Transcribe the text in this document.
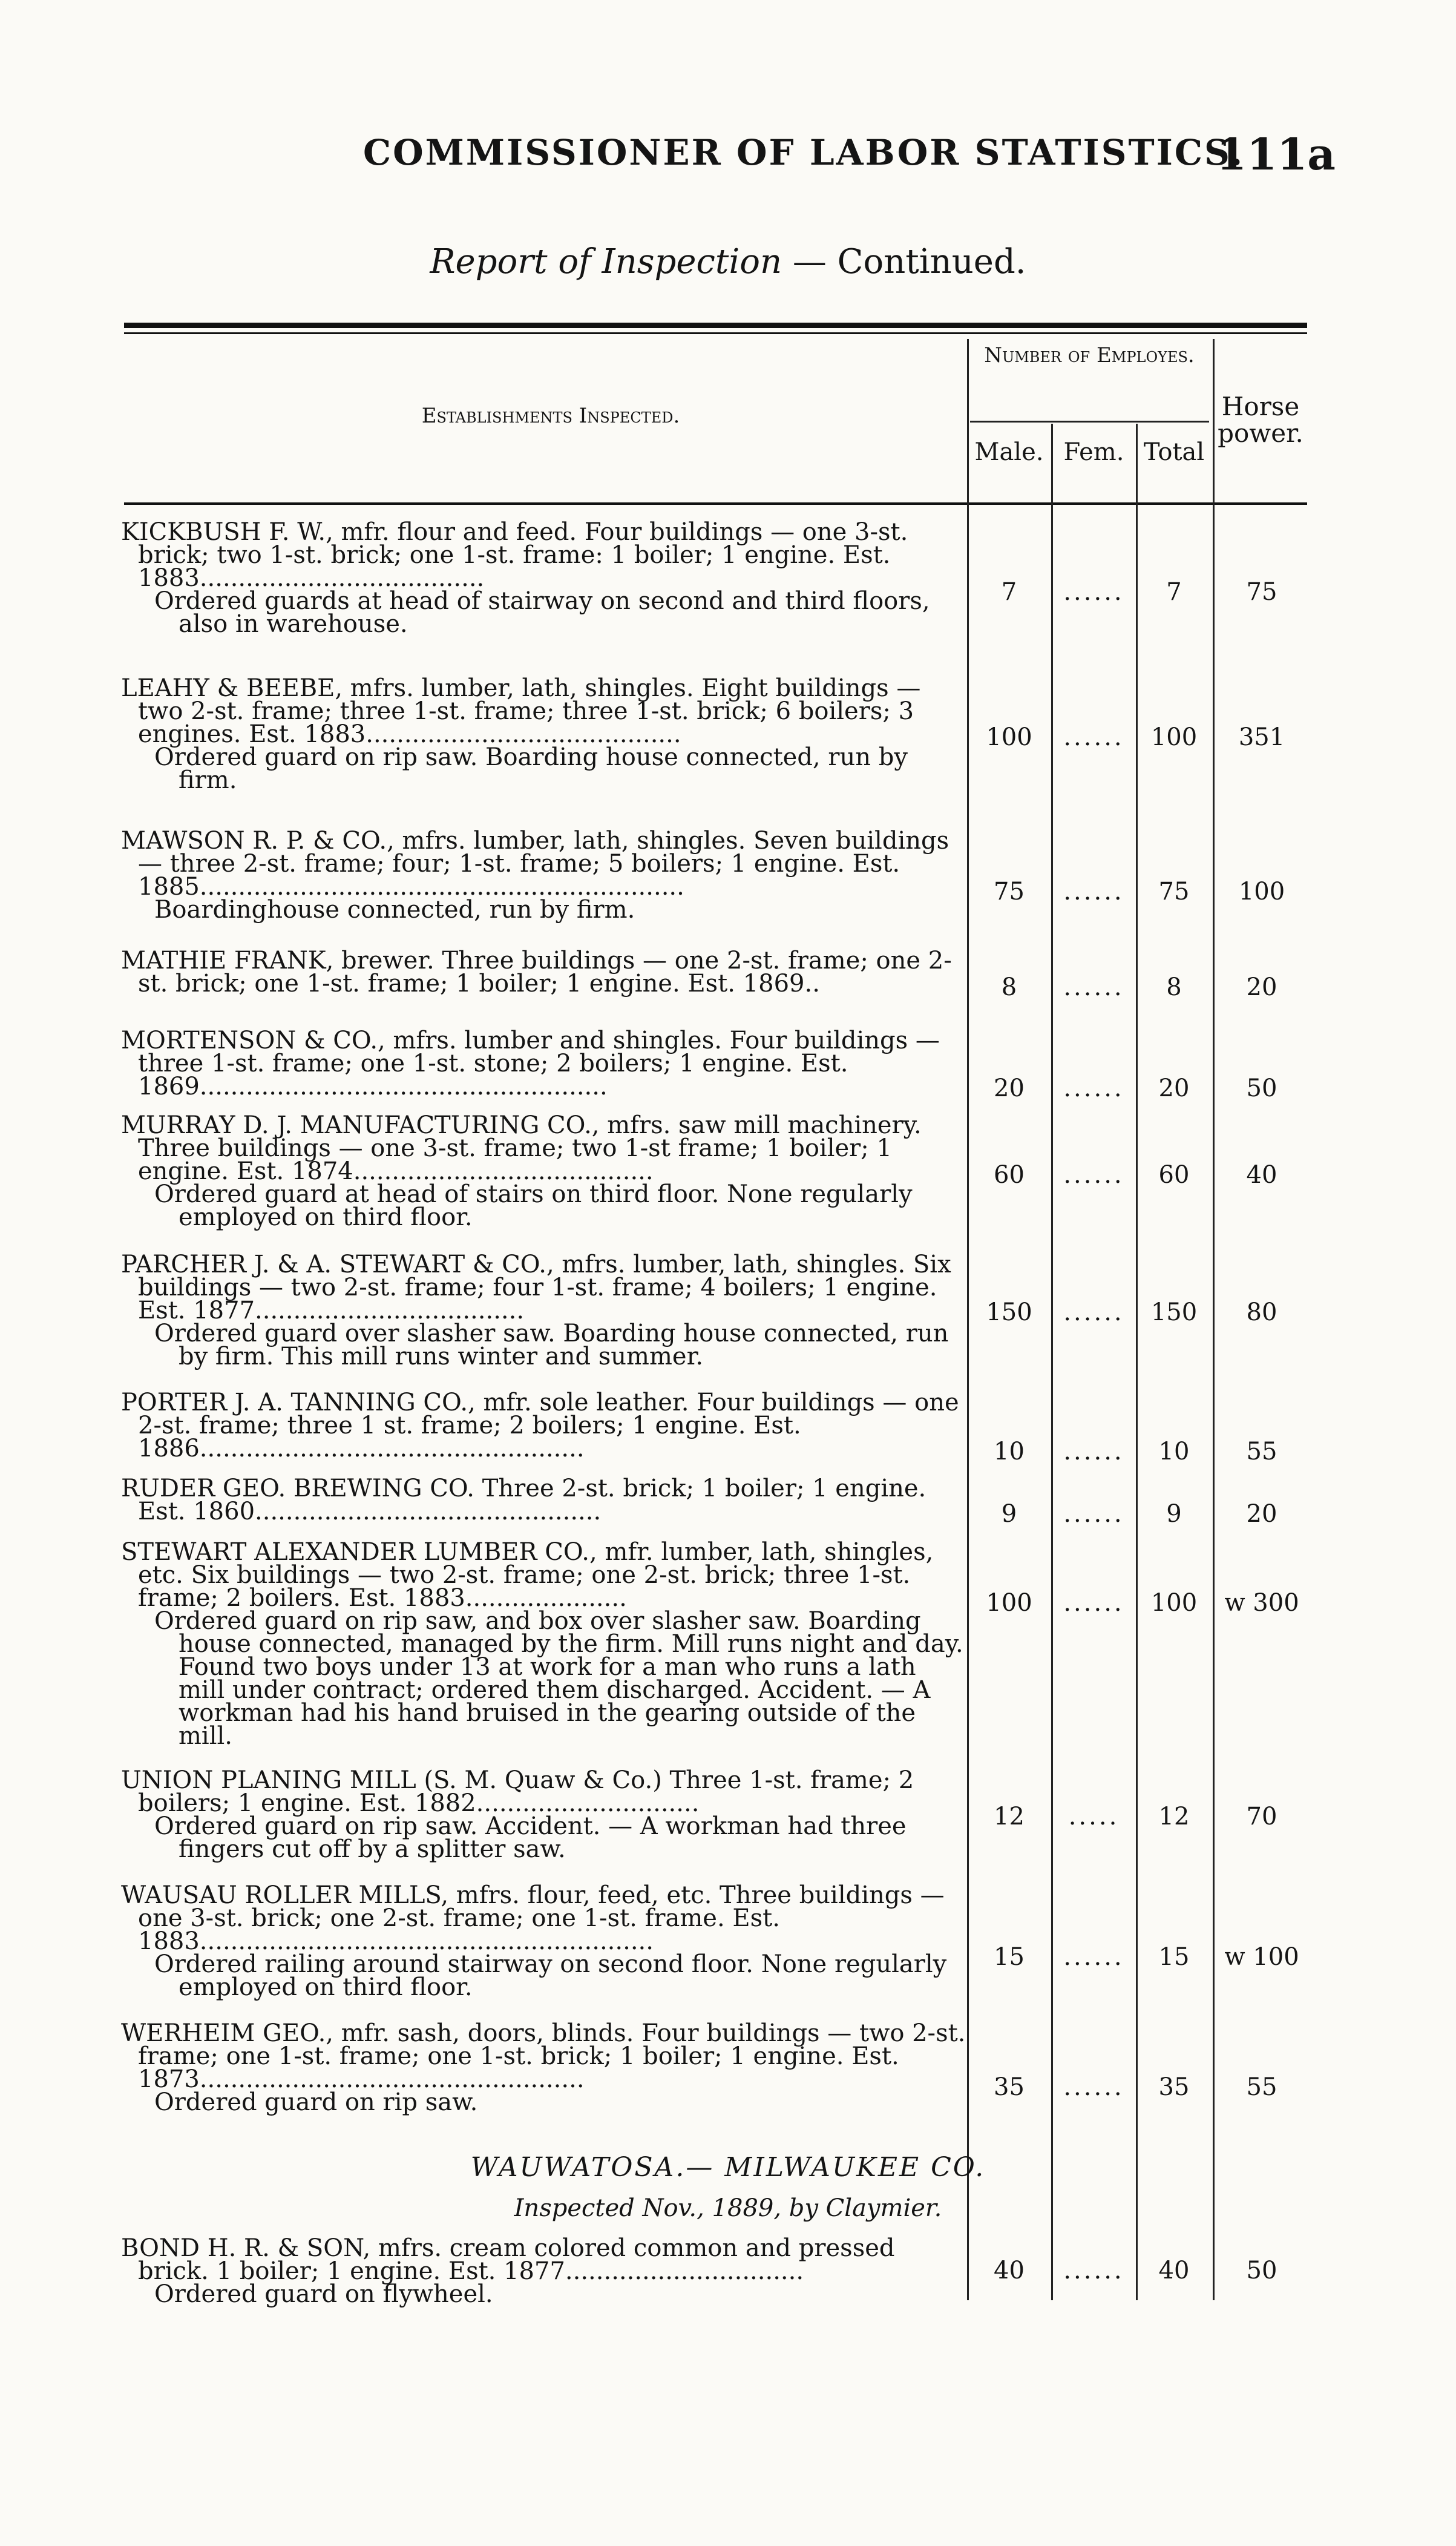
COMMISSIONER OF LABOR STATISTICS.
111a
Report of Inspection — Continued.
Establishments Inspected.
Number of Employes.
Male. Fem. Total
Horse power.

KICKBUSH F. W., mfr. flour and feed. Four buildings — one 3-st. brick; two 1-st. brick; one 1-st. frame: 1 boiler; 1 engine. Est. 1883.....................................

Ordered guards at head of stairway on second and third floors, also in warehouse.

7	......	7	75

LEAHY & BEEBE, mfrs. lumber, lath, shingles. Eight buildings — two 2-st. frame; three 1-st. frame; three 1-st. brick; 6 boilers; 3 engines. Est. 1883.........................................

Ordered guard on rip saw. Boarding house connected, run by firm.

100	......	100	351

MAWSON R. P. & CO., mfrs. lumber, lath, shingles. Seven buildings — three 2-st. frame; four; 1-st. frame; 5 boilers; 1 engine. Est. 1885...............................................................

Boardinghouse connected, run by firm.

75	......	75	100

MATHIE FRANK, brewer. Three buildings — one 2-st. frame; one 2-st. brick; one 1-st. frame; 1 boiler; 1 engine. Est. 1869..	8	......	8	20

MORTENSON & CO., mfrs. lumber and shingles. Four buildings — three 1-st. frame; one 1-st. stone; 2 boilers; 1 engine. Est. 1869.....................................................	20	......	20	50

MURRAY D. J. MANUFACTURING CO., mfrs. saw mill machinery. Three buildings — one 3-st. frame; two 1-st frame; 1 boiler; 1 engine. Est. 1874.......................................

Ordered guard at head of stairs on third floor. None regularly employed on third floor.

60	......	60	40

PARCHER J. & A. STEWART & CO., mfrs. lumber, lath, shingles. Six buildings — two 2-st. frame; four 1-st. frame; 4 boilers; 1 engine. Est. 1877...................................

Ordered guard over slasher saw. Boarding house connected, run by firm. This mill runs winter and summer.

150	......	150	80

PORTER J. A. TANNING CO., mfr. sole leather. Four buildings — one 2-st. frame; three 1 st. frame; 2 boilers; 1 engine. Est. 1886..................................................	10	......	10	55

RUDER GEO. BREWING CO. Three 2-st. brick; 1 boiler; 1 engine. Est. 1860.............................................	9	......	9	20

STEWART ALEXANDER LUMBER CO., mfr. lumber, lath, shingles, etc. Six buildings — two 2-st. frame; one 2-st. brick; three 1-st. frame; 2 boilers. Est. 1883.....................

Ordered guard on rip saw, and box over slasher saw. Boarding house connected, managed by the firm. Mill runs night and day. Found two boys under 13 at work for a man who runs a lath mill under contract; ordered them discharged. Accident. — A workman had his hand bruised in the gearing outside of the mill.

100	......	100	w 300

UNION PLANING MILL (S. M. Quaw & Co.) Three 1-st. frame; 2 boilers; 1 engine. Est. 1882.............................

Ordered guard on rip saw. Accident. — A workman had three fingers cut off by a splitter saw.

12	.....	12	70

WAUSAU ROLLER MILLS, mfrs. flour, feed, etc. Three buildings — one 3-st. brick; one 2-st. frame; one 1-st. frame. Est. 1883...........................................................

Ordered railing around stairway on second floor. None regularly employed on third floor.

15	......	15	w 100

WERHEIM GEO., mfr. sash, doors, blinds. Four buildings — two 2-st. frame; one 1-st. frame; one 1-st. brick; 1 boiler; 1 engine. Est. 1873..................................................

Ordered guard on rip saw.

35	......	35	55
WAUWATOSA.— MILWAUKEE CO.
Inspected Nov., 1889, by Claymier.

BOND H. R. & SON, mfrs. cream colored common and pressed brick. 1 boiler; 1 engine. Est. 1877...............................

Ordered guard on flywheel.

40	......	40	50
